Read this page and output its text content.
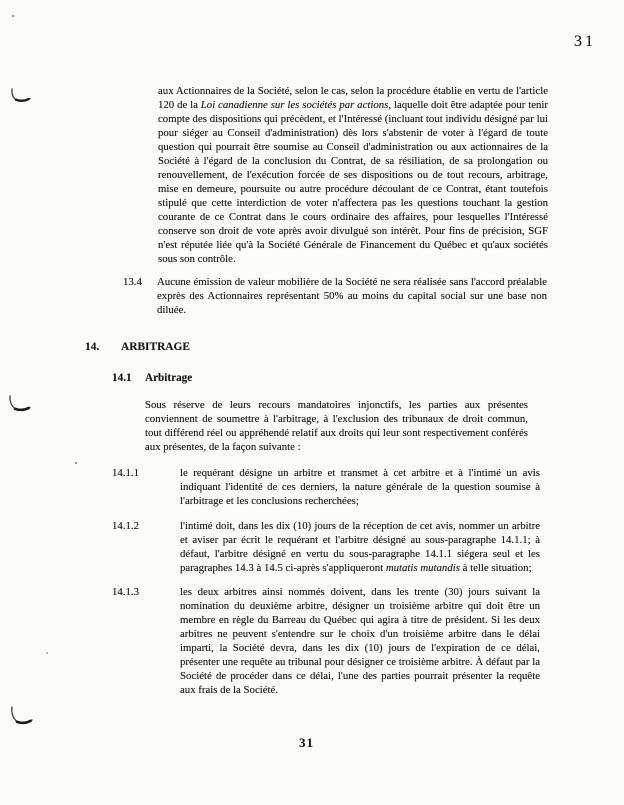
31

aux Actionnaires de la Société, selon le cas, selon la procédure établie en vertu de l'article 120 de la Loi canadienne sur les sociétés par actions, laquelle doit être adaptée pour tenir compte des dispositions qui précèdent, et l'Intéressé (incluant tout individu désigné par lui pour siéger au Conseil d'administration) dès lors s'abstenir de voter à l'égard de toute question qui pourrait être soumise au Conseil d'administration ou aux actionnaires de la Société à l'égard de la conclusion du Contrat, de sa résiliation, de sa prolongation ou renouvellement, de l'exécution forcée de ses dispositions ou de tout recours, arbitrage, mise en demeure, poursuite ou autre procédure découlant de ce Contrat, étant toutefois stipulé que cette interdiction de voter n'affectera pas les questions touchant la gestion courante de ce Contrat dans le cours ordinaire des affaires, pour lesquelles l'Intéressé conserve son droit de vote après avoir divulgué son intérêt. Pour fins de précision, SGF n'est réputée liée qu'à la Société Générale de Financement du Québec et qu'aux sociétés sous son contrôle.

13.4	Aucune émission de valeur mobilière de la Société ne sera réalisée sans l'accord préalable exprès des Actionnaires représentant 50% au moins du capital social sur une base non diluée.
14.	ARBITRAGE
14.1	Arbitrage

Sous réserve de leurs recours mandatoires injonctifs, les parties aux présentes conviennent de soumettre à l'arbitrage, à l'exclusion des tribunaux de droit commun, tout différend réel ou appréhendé relatif aux droits qui leur sont respectivement conférés aux présentes, de la façon suivante :

14.1.1	le requérant désigne un arbitre et transmet à cet arbitre et à l'intimé un avis indiquant l'identité de ces derniers, la nature générale de la question soumise à l'arbitrage et les conclusions recherchées;
14.1.2	l'intimé doit, dans les dix (10) jours de la réception de cet avis, nommer un arbitre et aviser par écrit le requérant et l'arbitre désigné au sous-paragraphe 14.1.1; à défaut, l'arbitre désigné en vertu du sous-paragraphe 14.1.1 siégera seul et les paragraphes 14.3 à 14.5 ci-après s'appliqueront mutatis mutandis à telle situation;
14.1.3	les deux arbitres ainsi nommés doivent, dans les trente (30) jours suivant la nomination du deuxième arbitre, désigner un troisième arbitre qui doit être un membre en règle du Barreau du Québec qui agira à titre de président. Si les deux arbitres ne peuvent s'entendre sur le choix d'un troisième arbitre dans le délai imparti, la Société devra, dans les dix (10) jours de l'expiration de ce délai, présenter une requête au tribunal pour désigner ce troisième arbitre. À défaut par la Société de procéder dans ce délai, l'une des parties pourrait présenter la requête aux frais de la Société.
31
